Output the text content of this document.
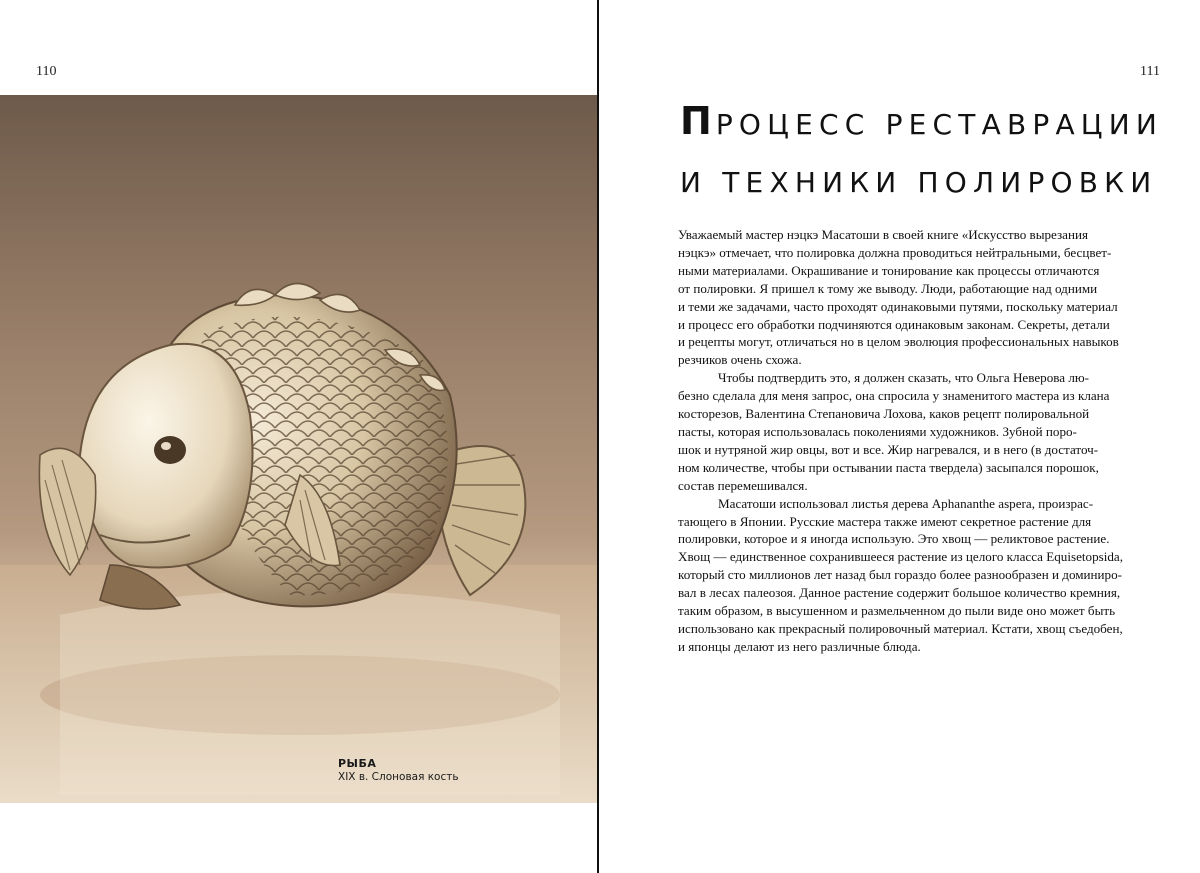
110
РЫБА
XIX в. Слоновая кость
111
ПРОЦЕСС РЕСТАВРАЦИИ
И ТЕХНИКИ ПОЛИРОВКИ
Уважаемый мастер нэцкэ Масатоши в своей книге «Искусство вырезания
нэцкэ» отмечает, что полировка должна проводиться нейтральными, бесцвет-
ными материалами. Окрашивание и тонирование как процессы отличаются
от полировки. Я пришел к тому же выводу. Люди, работающие над одними
и теми же задачами, часто проходят одинаковыми путями, поскольку материал
и процесс его обработки подчиняются одинаковым законам. Секреты, детали
и рецепты могут, отличаться но в целом эволюция профессиональных навыков
резчиков очень схожа.
Чтобы подтвердить это, я должен сказать, что Ольга Неверова лю-
безно сделала для меня запрос, она спросила у знаменитого мастера из клана
косторезов, Валентина Степановича Лохова, каков рецепт полировальной
пасты, которая использовалась поколениями художников. Зубной поро-
шок и нутряной жир овцы, вот и все. Жир нагревался, и в него (в достаточ-
ном количестве, чтобы при остывании паста твердела) засыпался порошок,
состав перемешивался.
Масатоши использовал листья дерева Aphananthe aspera, произрас-
тающего в Японии. Русские мастера также имеют секретное растение для
полировки, которое и я иногда использую. Это хвощ — реликтовое растение.
Хвощ — единственное сохранившееся растение из целого класса Equisetopsida,
который сто миллионов лет назад был гораздо более разнообразен и доминиро-
вал в лесах палеозоя. Данное растение содержит большое количество кремния,
таким образом, в высушенном и размельченном до пыли виде оно может быть
использовано как прекрасный полировочный материал. Кстати, хвощ съедобен,
и японцы делают из него различные блюда.
